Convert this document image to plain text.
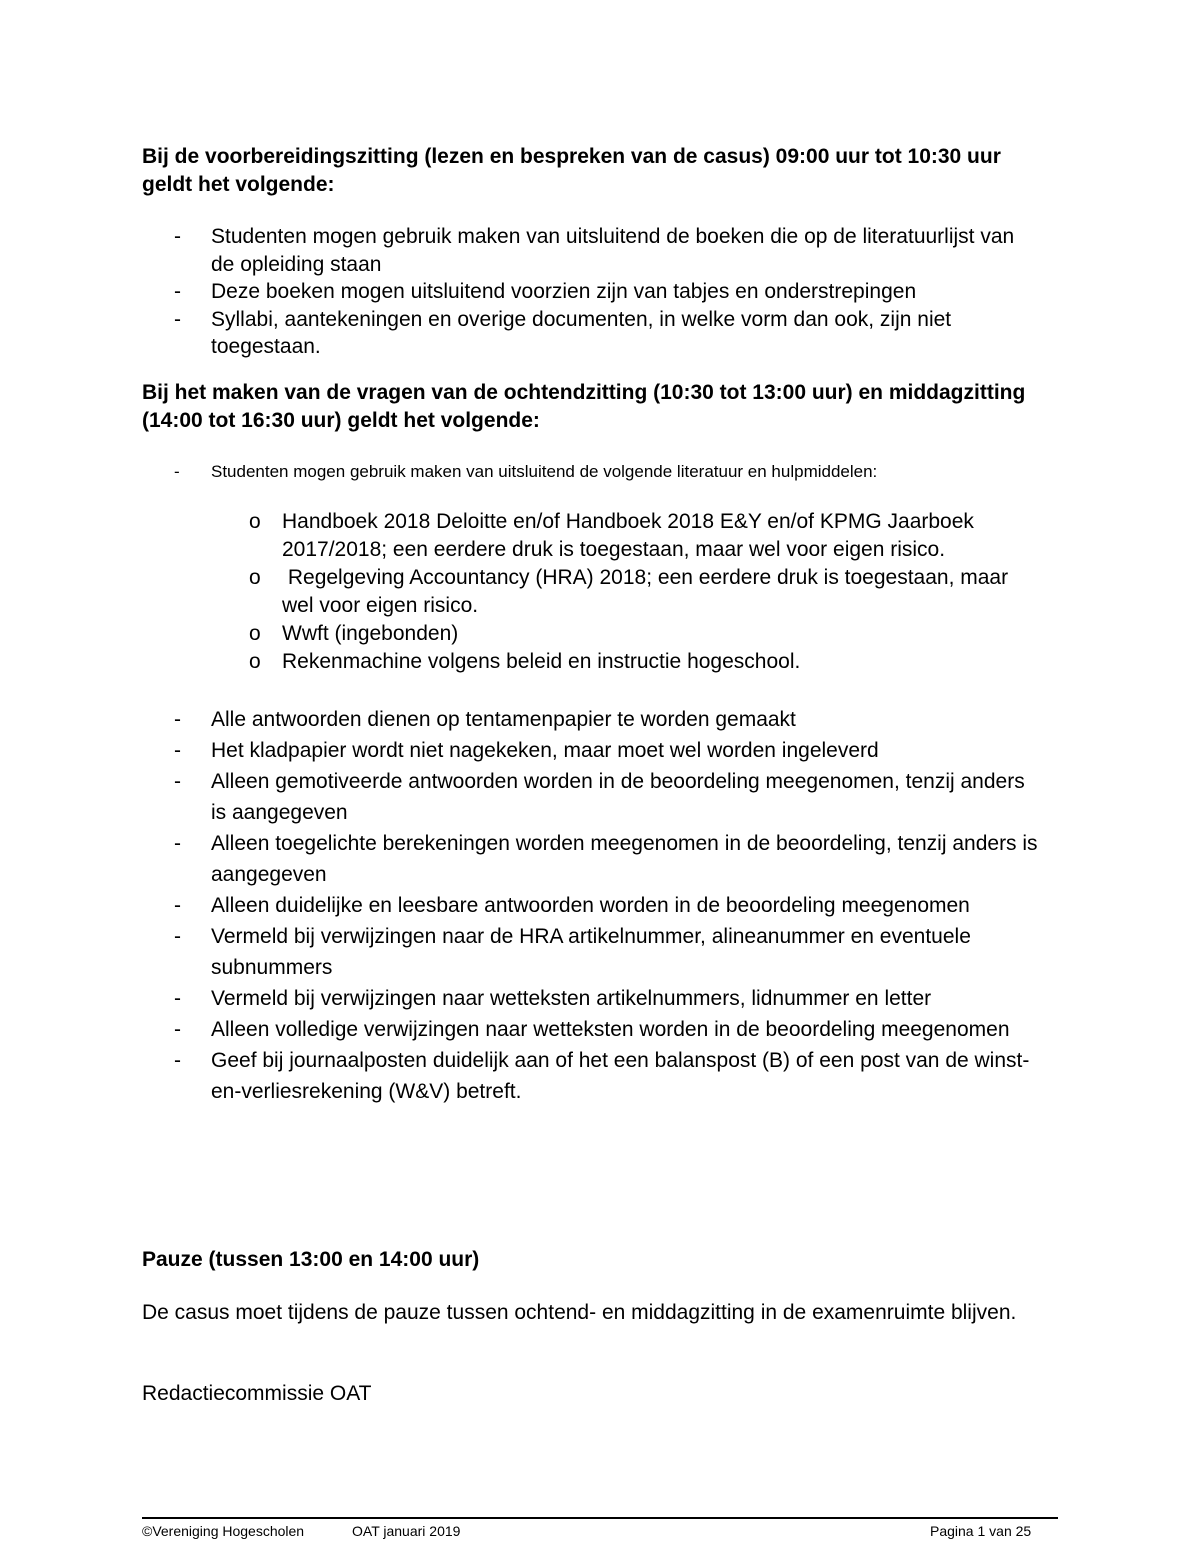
Bij de voorbereidingszitting (lezen en bespreken van de casus) 09:00 uur tot 10:30 uur geldt het volgende:

- Studenten mogen gebruik maken van uitsluitend de boeken die op de literatuurlijst van de opleiding staan
- Deze boeken mogen uitsluitend voorzien zijn van tabjes en onderstrepingen
- Syllabi, aantekeningen en overige documenten, in welke vorm dan ook, zijn niet toegestaan.

Bij het maken van de vragen van de ochtendzitting (10:30 tot 13:00 uur) en middagzitting (14:00 tot 16:30 uur) geldt het volgende:

- Studenten mogen gebruik maken van uitsluitend de volgende literatuur en hulpmiddelen:
o Handboek 2018 Deloitte en/of Handboek 2018 E&Y en/of KPMG Jaarboek 2017/2018; een eerdere druk is toegestaan, maar wel voor eigen risico.
o Regelgeving Accountancy (HRA) 2018; een eerdere druk is toegestaan, maar wel voor eigen risico.
o Wwft (ingebonden)
o Rekenmachine volgens beleid en instructie hogeschool.
- Alle antwoorden dienen op tentamenpapier te worden gemaakt
- Het kladpapier wordt niet nagekeken, maar moet wel worden ingeleverd
- Alleen gemotiveerde antwoorden worden in de beoordeling meegenomen, tenzij anders is aangegeven
- Alleen toegelichte berekeningen worden meegenomen in de beoordeling, tenzij anders is aangegeven
- Alleen duidelijke en leesbare antwoorden worden in de beoordeling meegenomen
- Vermeld bij verwijzingen naar de HRA artikelnummer, alineanummer en eventuele subnummers
- Vermeld bij verwijzingen naar wetteksten artikelnummers, lidnummer en letter
- Alleen volledige verwijzingen naar wetteksten worden in de beoordeling meegenomen
- Geef bij journaalposten duidelijk aan of het een balanspost (B) of een post van de winst-en-verliesrekening (W&V) betreft.

Pauze (tussen 13:00 en 14:00 uur)

De casus moet tijdens de pauze tussen ochtend- en middagzitting in de examenruimte blijven.

Redactiecommissie OAT

©Vereniging Hogescholen	OAT januari 2019	Pagina 1 van 25
